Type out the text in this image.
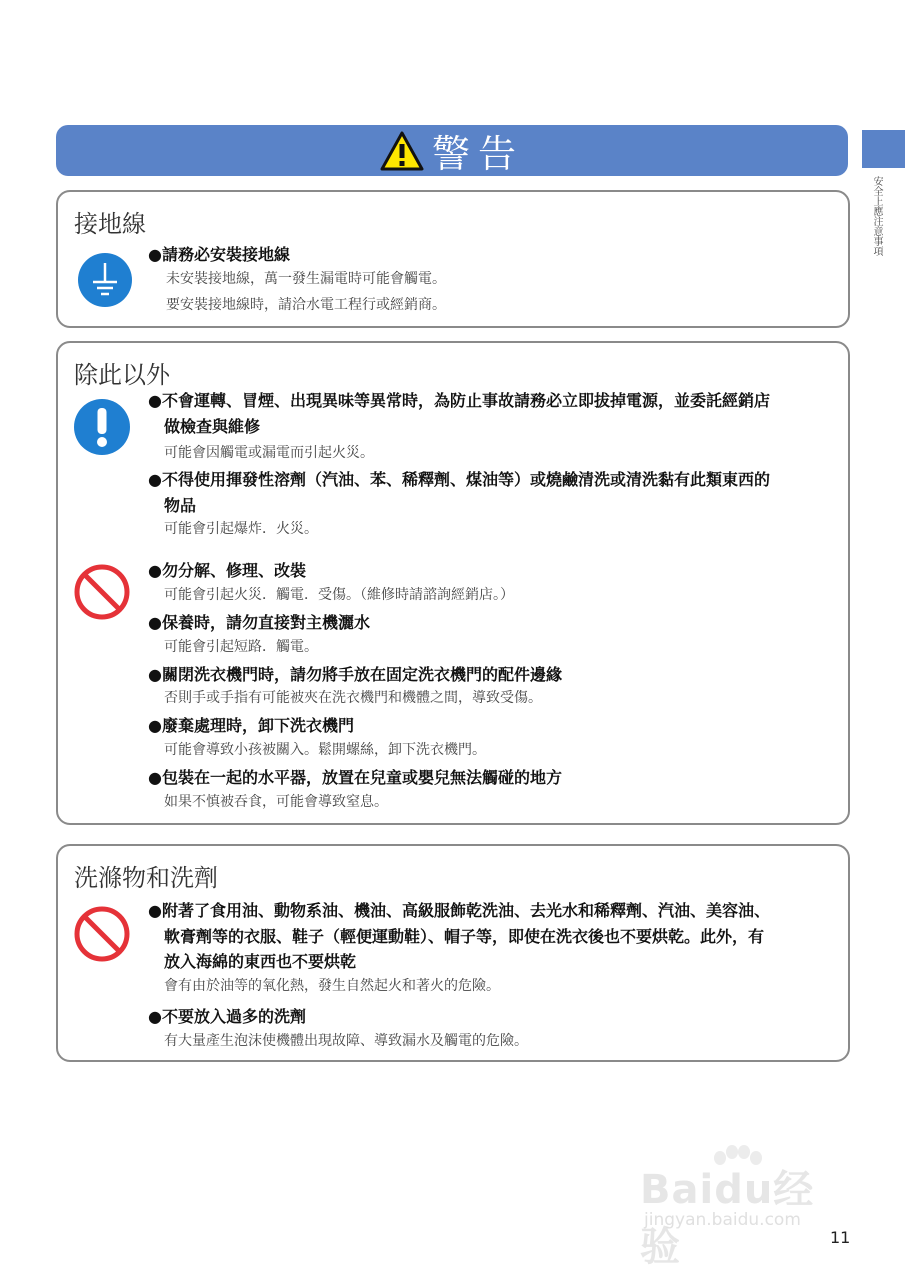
警告
安全上應注意事項
接地線
●請務必安裝接地線
未安裝接地線，萬一發生漏電時可能會觸電。
要安裝接地線時，請洽水電工程行或經銷商。
除此以外
●不會運轉、冒煙、出現異味等異常時，為防止事故請務必立即拔掉電源，並委託經銷店
做檢查與維修
可能會因觸電或漏電而引起火災。
●不得使用揮發性溶劑（汽油、苯、稀釋劑、煤油等）或燒鹼清洗或清洗黏有此類東西的
物品
可能會引起爆炸．火災。
●勿分解、修理、改裝
可能會引起火災．觸電．受傷。（維修時請諮詢經銷店。）
●保養時，請勿直接對主機灑水
可能會引起短路．觸電。
●關閉洗衣機門時，請勿將手放在固定洗衣機門的配件邊緣
否則手或手指有可能被夾在洗衣機門和機體之間，導致受傷。
●廢棄處理時，卸下洗衣機門
可能會導致小孩被關入。鬆開螺絲，卸下洗衣機門。
●包裝在一起的水平器，放置在兒童或嬰兒無法觸碰的地方
如果不慎被吞食，可能會導致窒息。
洗滌物和洗劑
●附著了食用油、動物系油、機油、高級服飾乾洗油、去光水和稀釋劑、汽油、美容油、
軟膏劑等的衣服、鞋子（輕便運動鞋）、帽子等，即使在洗衣後也不要烘乾。此外，有
放入海綿的東西也不要烘乾
會有由於油等的氧化熱，發生自然起火和著火的危險。
●不要放入過多的洗劑
有大量產生泡沫使機體出現故障、導致漏水及觸電的危險。
Baidu经验
jingyan.baidu.com
11
